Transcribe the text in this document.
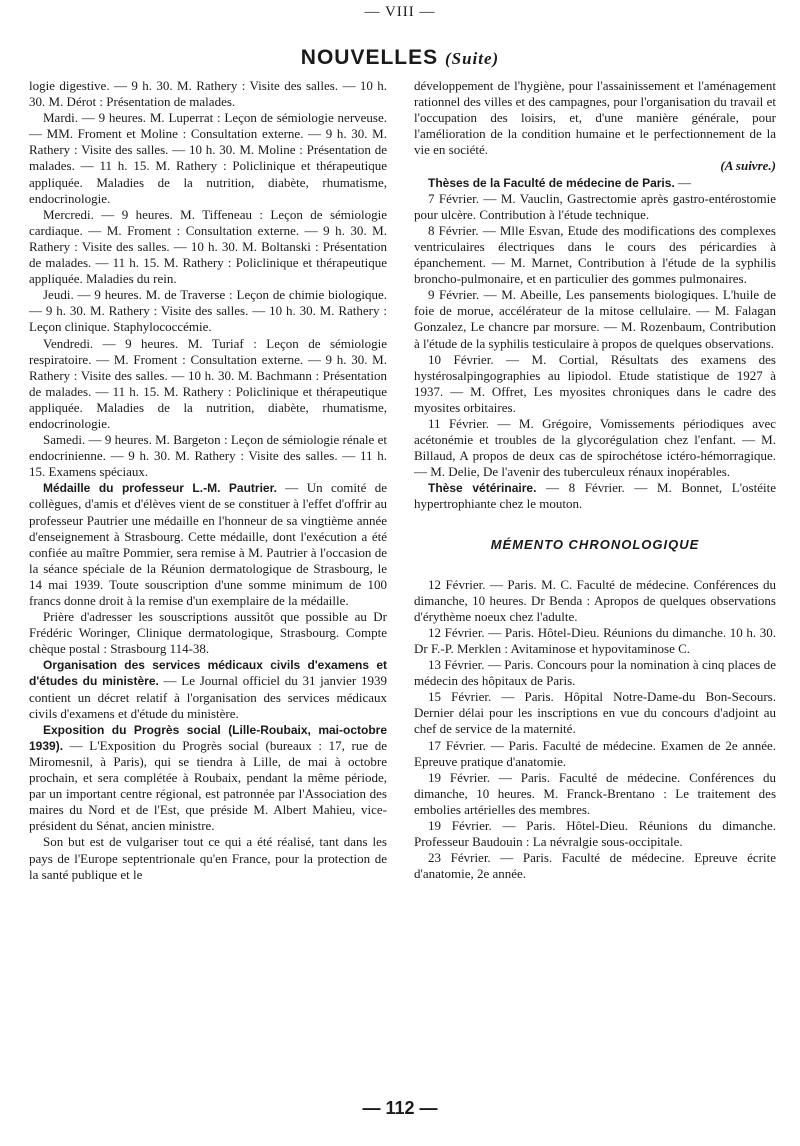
— VIII —
NOUVELLES (Suite)

logie digestive. — 9 h. 30. M. Rathery : Visite des salles. — 10 h. 30. M. Dérot : Présentation de malades.

Mardi. — 9 heures. M. Luperrat : Leçon de sémiologie nerveuse. — MM. Froment et Moline : Consultation externe. — 9 h. 30. M. Rathery : Visite des salles. — 10 h. 30. M. Moline : Présentation de malades. — 11 h. 15. M. Rathery : Policlinique et thérapeutique appliquée. Maladies de la nutrition, diabète, rhumatisme, endocrinologie.

Mercredi. — 9 heures. M. Tiffeneau : Leçon de sémiologie cardiaque. — M. Froment : Consultation externe. — 9 h. 30. M. Rathery : Visite des salles. — 10 h. 30. M. Boltanski : Présentation de malades. — 11 h. 15. M. Rathery : Policlinique et thérapeutique appliquée. Maladies du rein.

Jeudi. — 9 heures. M. de Traverse : Leçon de chimie biologique. — 9 h. 30. M. Rathery : Visite des salles. — 10 h. 30. M. Rathery : Leçon clinique. Staphylococcémie.

Vendredi. — 9 heures. M. Turiaf : Leçon de sémiologie respiratoire. — M. Froment : Consultation externe. — 9 h. 30. M. Rathery : Visite des salles. — 10 h. 30. M. Bachmann : Présentation de malades. — 11 h. 15. M. Rathery : Policlinique et thérapeutique appliquée. Maladies de la nutrition, diabète, rhumatisme, endocrinologie.

Samedi. — 9 heures. M. Bargeton : Leçon de sémiologie rénale et endocrinienne. — 9 h. 30. M. Rathery : Visite des salles. — 11 h. 15. Examens spéciaux.

Médaille du professeur L.-M. Pautrier. — Un comité de collègues, d'amis et d'élèves vient de se constituer à l'effet d'offrir au professeur Pautrier une médaille en l'honneur de sa vingtième année d'enseignement à Strasbourg. Cette médaille, dont l'exécution a été confiée au maître Pommier, sera remise à M. Pautrier à l'occasion de la séance spéciale de la Réunion dermatologique de Strasbourg, le 14 mai 1939. Toute souscription d'une somme minimum de 100 francs donne droit à la remise d'un exemplaire de la médaille.

Prière d'adresser les souscriptions aussitôt que possible au Dr Frédéric Woringer, Clinique dermatologique, Strasbourg. Compte chèque postal : Strasbourg 114-38.

Organisation des services médicaux civils d'examens et d'études du ministère. — Le Journal officiel du 31 janvier 1939 contient un décret relatif à l'organisation des services médicaux civils d'examens et d'étude du ministère.

Exposition du Progrès social (Lille-Roubaix, mai-octobre 1939). — L'Exposition du Progrès social (bureaux : 17, rue de Miromesnil, à Paris), qui se tiendra à Lille, de mai à octobre prochain, et sera complétée à Roubaix, pendant la même période, par un important centre régional, est patronnée par l'Association des maires du Nord et de l'Est, que préside M. Albert Mahieu, vice-président du Sénat, ancien ministre.

Son but est de vulgariser tout ce qui a été réalisé, tant dans les pays de l'Europe septentrionale qu'en France, pour la protection de la santé publique et le

développement de l'hygiène, pour l'assainissement et l'aménagement rationnel des villes et des campagnes, pour l'organisation du travail et l'occupation des loisirs, et, d'une manière générale, pour l'amélioration de la condition humaine et le perfectionnement de la vie en société.

(A suivre.)

Thèses de la Faculté de médecine de Paris. —

7 Février. — M. Vauclin, Gastrectomie après gastro-entérostomie pour ulcère. Contribution à l'étude technique.

8 Février. — Mlle Esvan, Etude des modifications des complexes ventriculaires électriques dans le cours des péricardies à épanchement. — M. Marnet, Contribution à l'étude de la syphilis broncho-pulmonaire, et en particulier des gommes pulmonaires.

9 Février. — M. Abeille, Les pansements biologiques. L'huile de foie de morue, accélérateur de la mitose cellulaire. — M. Falagan Gonzalez, Le chancre par morsure. — M. Rozenbaum, Contribution à l'étude de la syphilis testiculaire à propos de quelques observations.

10 Février. — M. Cortial, Résultats des examens des hystérosalpingographies au lipiodol. Etude statistique de 1927 à 1937. — M. Offret, Les myosites chroniques dans le cadre des myosites orbitaires.

11 Février. — M. Grégoire, Vomissements périodiques avec acétonémie et troubles de la glycorégulation chez l'enfant. — M. Billaud, A propos de deux cas de spirochétose ictéro-hémorragique. — M. Delie, De l'avenir des tuberculeux rénaux inopérables.

Thèse vétérinaire. — 8 Février. — M. Bonnet, L'ostéite hypertrophiante chez le mouton.

MÉMENTO CHRONOLOGIQUE

12 Février. — Paris. M. C. Faculté de médecine. Conférences du dimanche, 10 heures. Dr Benda : Apropos de quelques observations d'érythème noeux chez l'adulte.

12 Février. — Paris. Hôtel-Dieu. Réunions du dimanche. 10 h. 30. Dr F.-P. Merklen : Avitaminose et hypovitaminose C.

13 Février. — Paris. Concours pour la nomination à cinq places de médecin des hôpitaux de Paris.

15 Février. — Paris. Hôpital Notre-Dame-du Bon-Secours. Dernier délai pour les inscriptions en vue du concours d'adjoint au chef de service de la maternité.

17 Février. — Paris. Faculté de médecine. Examen de 2e année. Epreuve pratique d'anatomie.

19 Février. — Paris. Faculté de médecine. Conférences du dimanche, 10 heures. M. Franck-Brentano : Le traitement des embolies artérielles des membres.

19 Février. — Paris. Hôtel-Dieu. Réunions du dimanche. Professeur Baudouin : La névralgie sous-occipitale.

23 Février. — Paris. Faculté de médecine. Epreuve écrite d'anatomie, 2e année.

— 112 —
